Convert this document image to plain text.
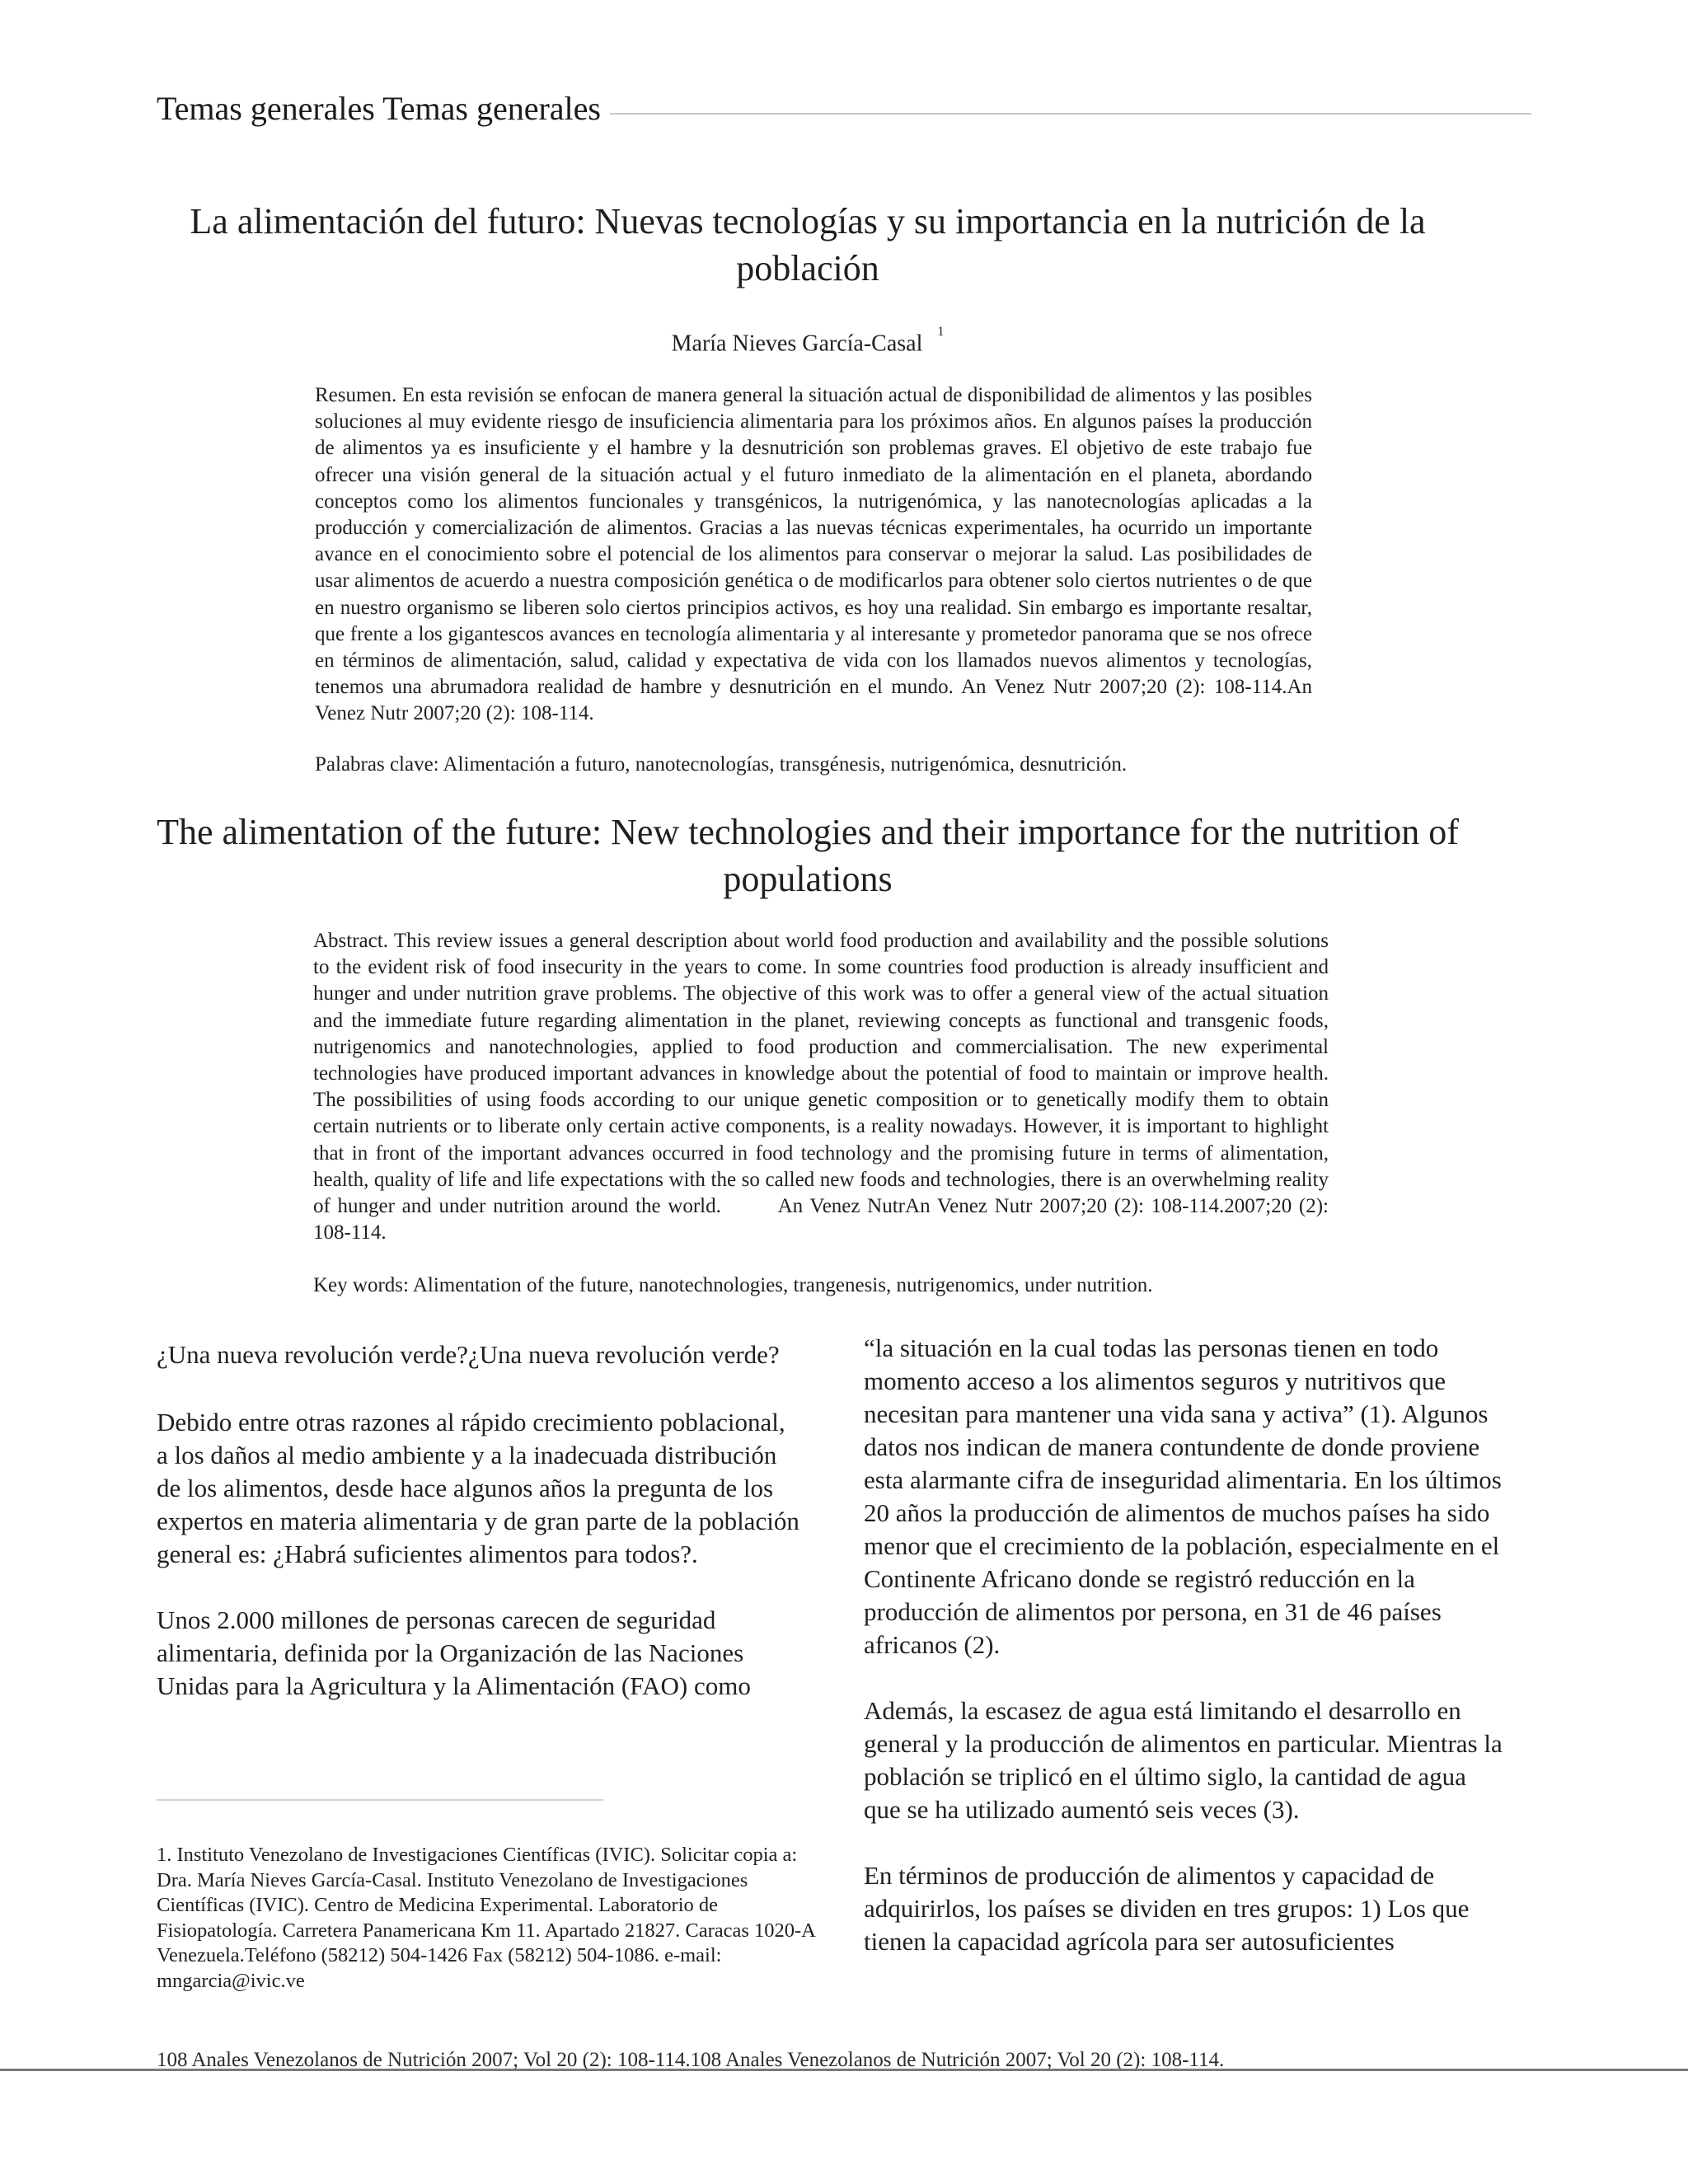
Temas generales Temas generales
La alimentación del futuro: Nuevas tecnologías y su importancia en la nutrición de la población
María Nieves García-Casal $^1$
Resumen. En esta revisión se enfocan de manera general la situación actual de disponibilidad de alimentos y las posibles soluciones al muy evidente riesgo de insuficiencia alimentaria para los próximos años. En algunos países la producción de alimentos ya es insuficiente y el hambre y la desnutrición son problemas graves. El objetivo de este trabajo fue ofrecer una visión general de la situación actual y el futuro inmediato de la alimentación en el planeta, abordando conceptos como los alimentos funcionales y transgénicos, la nutrigenómica, y las nanotecnologías aplicadas a la producción y comercialización de alimentos. Gracias a las nuevas técnicas experimentales, ha ocurrido un importante avance en el conocimiento sobre el potencial de los alimentos para conservar o mejorar la salud. Las posibilidades de usar alimentos de acuerdo a nuestra composición genética o de modificarlos para obtener solo ciertos nutrientes o de que en nuestro organismo se liberen solo ciertos principios activos, es hoy una realidad. Sin embargo es importante resaltar, que frente a los gigantescos avances en tecnología alimentaria y al interesante y prometedor panorama que se nos ofrece en términos de alimentación, salud, calidad y expectativa de vida con los llamados nuevos alimentos y tecnologías, tenemos una abrumadora realidad de hambre y desnutrición en el mundo. An Venez Nutr 2007;20 (2): 108-114.An Venez Nutr 2007;20 (2): 108-114.
Palabras clave: Alimentación a futuro, nanotecnologías, transgénesis, nutrigenómica, desnutrición.
The alimentation of the future: New technologies and their importance for the nutrition of populations
Abstract. This review issues a general description about world food production and availability and the possible solutions to the evident risk of food insecurity in the years to come. In some countries food production is already insufficient and hunger and under nutrition grave problems. The objective of this work was to offer a general view of the actual situation and the immediate future regarding alimentation in the planet, reviewing concepts as functional and transgenic foods, nutrigenomics and nanotechnologies, applied to food production and commercialisation. The new experimental technologies have produced important advances in knowledge about the potential of food to maintain or improve health. The possibilities of using foods according to our unique genetic composition or to genetically modify them to obtain certain nutrients or to liberate only certain active components, is a reality nowadays. However, it is important to highlight that in front of the important advances occurred in food technology and the promising future in terms of alimentation, health, quality of life and life expectations with the so called new foods and technologies, there is an overwhelming reality of hunger and under nutrition around the world.	An Venez NutrAn Venez Nutr 2007;20 (2): 108-114.2007;20 (2): 108-114.
Key words: Alimentation of the future, nanotechnologies, trangenesis, nutrigenomics, under nutrition.
¿Una nueva revolución verde?¿Una nueva revolución verde?

Debido entre otras razones al rápido crecimiento poblacional, a los daños al medio ambiente y a la inadecuada distribución de los alimentos, desde hace algunos años la pregunta de los expertos en materia alimentaria y de gran parte de la población general es: ¿Habrá suficientes alimentos para todos?.

Unos 2.000 millones de personas carecen de seguridad alimentaria, definida por la Organización de las Naciones Unidas para la Agricultura y la Alimentación (FAO) como

“la situación en la cual todas las personas tienen en todo momento acceso a los alimentos seguros y nutritivos que necesitan para mantener una vida sana y activa” (1). Algunos datos nos indican de manera contundente de donde proviene esta alarmante cifra de inseguridad alimentaria. En los últimos 20 años la producción de alimentos de muchos países ha sido menor que el crecimiento de la población, especialmente en el Continente Africano donde se registró reducción en la producción de alimentos por persona, en 31 de 46 países africanos (2).

Además, la escasez de agua está limitando el desarrollo en general y la producción de alimentos en particular. Mientras la población se triplicó en el último siglo, la cantidad de agua que se ha utilizado aumentó seis veces (3).

En términos de producción de alimentos y capacidad de adquirirlos, los países se dividen en tres grupos: 1) Los que tienen la capacidad agrícola para ser autosuficientes

1. Instituto Venezolano de Investigaciones Científicas (IVIC). Solicitar copia a: Dra. María Nieves García-Casal. Instituto Venezolano de Investigaciones Científicas (IVIC). Centro de Medicina Experimental. Laboratorio de Fisiopatología. Carretera Panamericana Km 11. Apartado 21827. Caracas 1020-A Venezuela.Teléfono (58212) 504-1426 Fax (58212) 504-1086. e-mail: mngarcia@ivic.ve
108 Anales Venezolanos de Nutrición 2007; Vol 20 (2): 108-114.108 Anales Venezolanos de Nutrición 2007; Vol 20 (2): 108-114.
